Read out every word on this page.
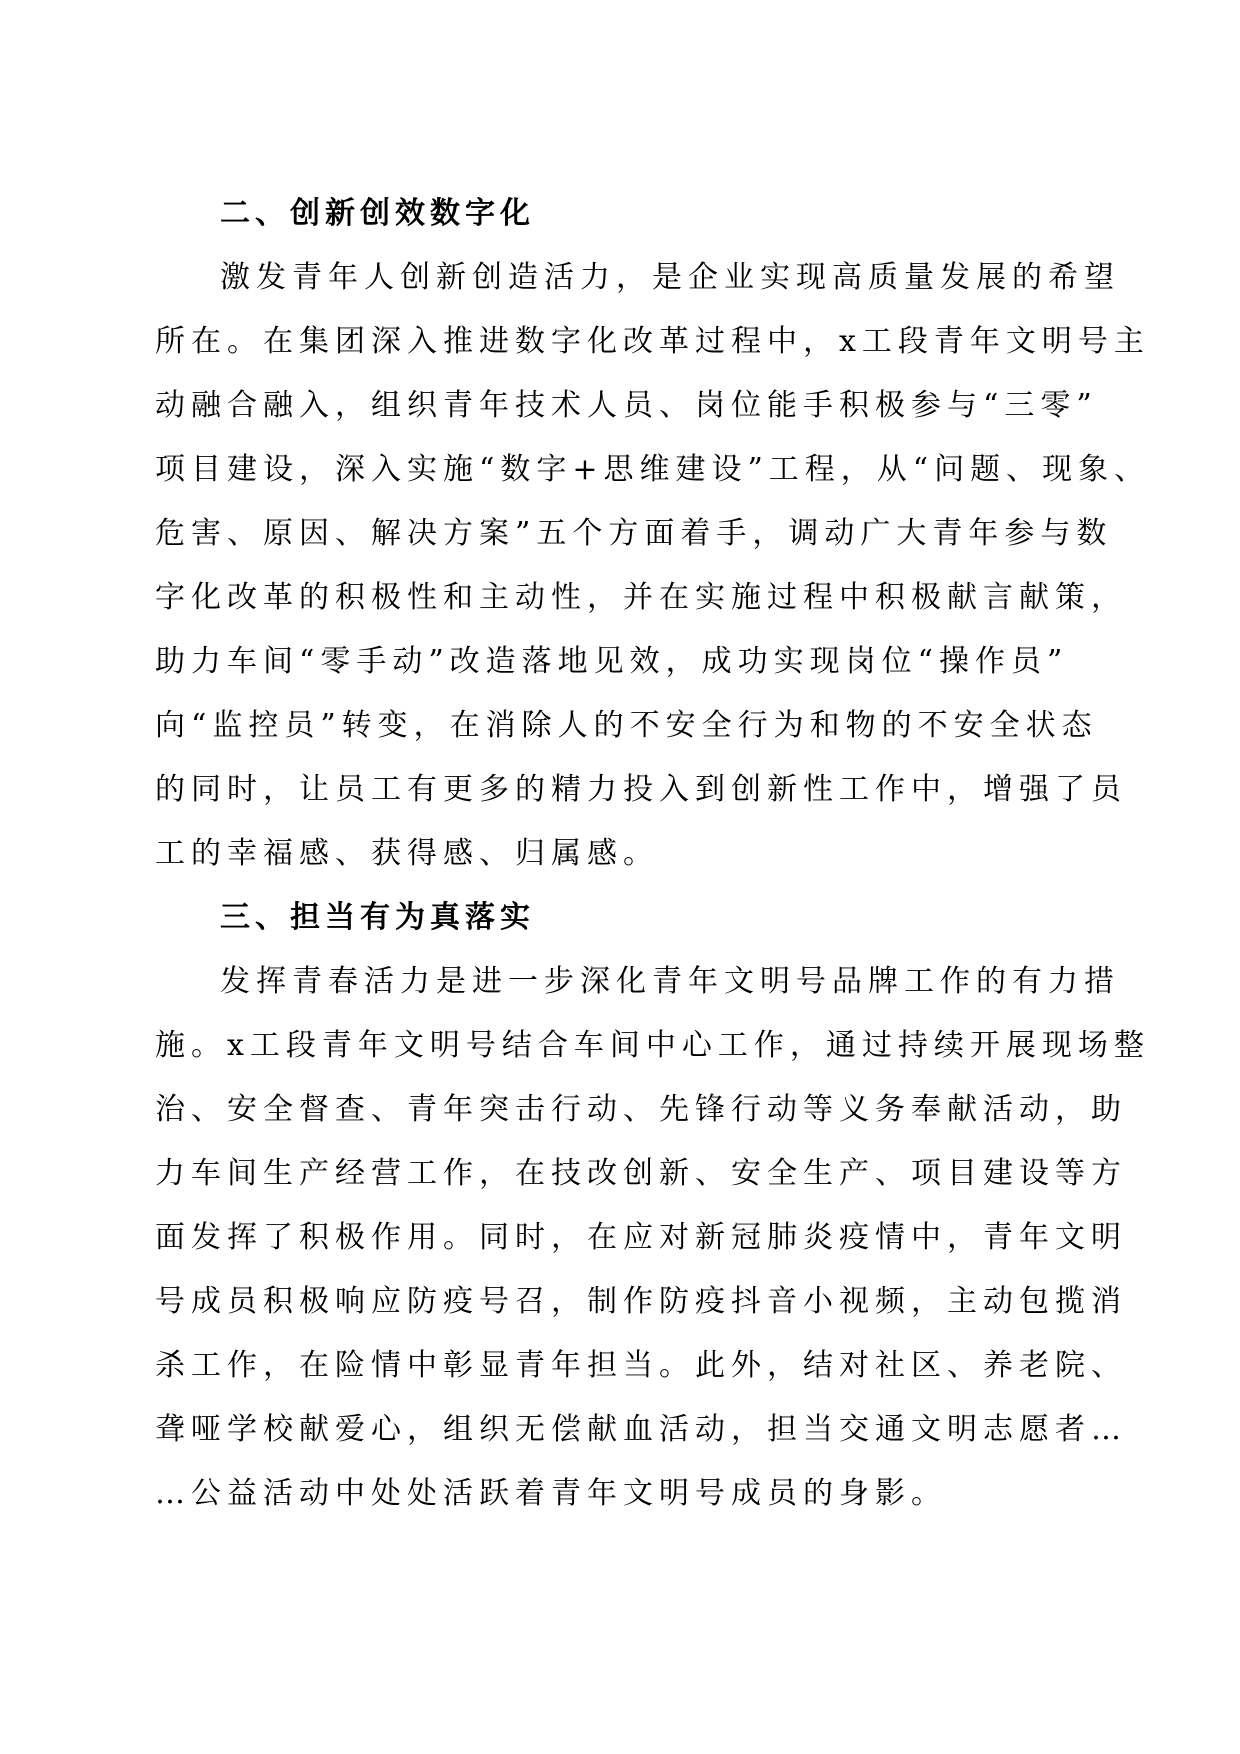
二、创新创效数字化

激发青年人创新创造活力，是企业实现高质量发展的希望

所在。在集团深入推进数字化改革过程中，x工段青年文明号主

动融合融入，组织青年技术人员、岗位能手积极参与“三零”

项目建设，深入实施“数字+思维建设”工程，从“问题、现象、

危害、原因、解决方案”五个方面着手，调动广大青年参与数

字化改革的积极性和主动性，并在实施过程中积极献言献策，

助力车间“零手动”改造落地见效，成功实现岗位“操作员”

向“监控员”转变，在消除人的不安全行为和物的不安全状态

的同时，让员工有更多的精力投入到创新性工作中，增强了员

工的幸福感、获得感、归属感。

三、担当有为真落实

发挥青春活力是进一步深化青年文明号品牌工作的有力措

施。x工段青年文明号结合车间中心工作，通过持续开展现场整

治、安全督查、青年突击行动、先锋行动等义务奉献活动，助

力车间生产经营工作，在技改创新、安全生产、项目建设等方

面发挥了积极作用。同时，在应对新冠肺炎疫情中，青年文明

号成员积极响应防疫号召，制作防疫抖音小视频，主动包揽消

杀工作，在险情中彰显青年担当。此外，结对社区、养老院、

聋哑学校献爱心，组织无偿献血活动，担当交通文明志愿者…

…公益活动中处处活跃着青年文明号成员的身影。
